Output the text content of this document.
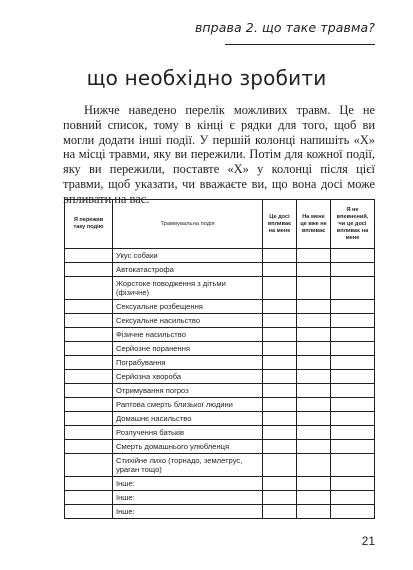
вправа 2. що таке травма?
що необхідно зробити

Нижче наведено перелік можливих травм. Це не повний список, тому в кінці є рядки для того, щоб ви могли додати інші події. У першій колонці напишіть «X» на місці травми, яку ви пережили. Потім для кожної події, яку ви пережили, поставте «X» у колонці після цієї травми, щоб указати, чи вважаєте ви, що вона досі може впливати на вас.

Я пережив таку подію	Травмувальна подія	Це досі впливає на мене	На мене це вже не впливає	Я не впевнений, чи це досі впливає на мене
	Укус собаки			
	Автокатастрофа			
	Жорстоке поводження з дітьми (фізичне)			
	Сексуальне розбещення			
	Сексуальне насильство			
	Фізичне насильство			
	Серйозне поранення			
	Пограбування			
	Серйозна хвороба			
	Отримування погроз			
	Раптова смерть близької людини			
	Домашнє насильство			
	Розлучення батьків			
	Смерть домашнього улюбленця			
	Стихійне лихо (торнадо, землетрус, ураган тощо)			
	Інше:			
	Інше:			
	Інше:			
21
